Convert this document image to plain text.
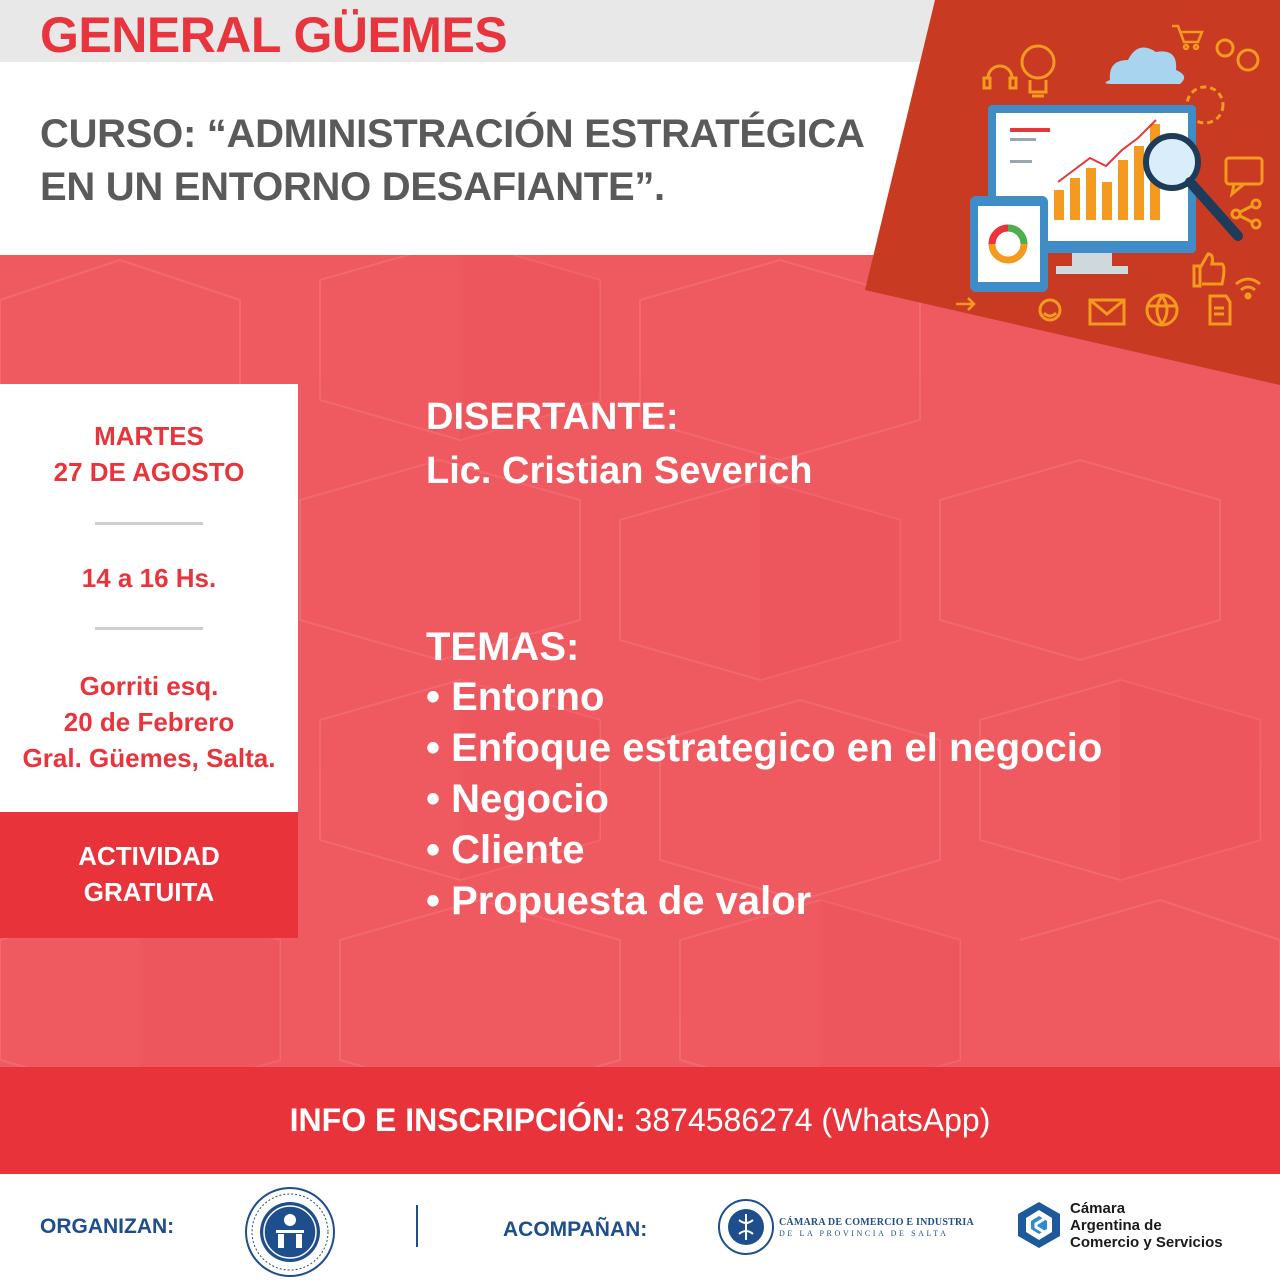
GENERAL GÜEMES
CURSO: “ADMINISTRACIÓN ESTRATÉGICA
EN UN ENTORNO DESAFIANTE”.
MARTES
27 DE AGOSTO
14 a 16 Hs.
Gorriti esq.
20 de Febrero
Gral. Güemes, Salta.
ACTIVIDAD
GRATUITA
DISERTANTE:
Lic. Cristian Severich
TEMAS:
• Entorno
• Enfoque estrategico en el negocio
• Negocio
• Cliente
• Propuesta de valor
INFO E INSCRIPCIÓN: 3874586274 (WhatsApp)
ORGANIZAN:	ACOMPAÑAN:	CÁMARA DE COMERCIO E INDUSTRIA
DE LA PROVINCIA DE SALTA
Cámara
Argentina de
Comercio y Servicios
